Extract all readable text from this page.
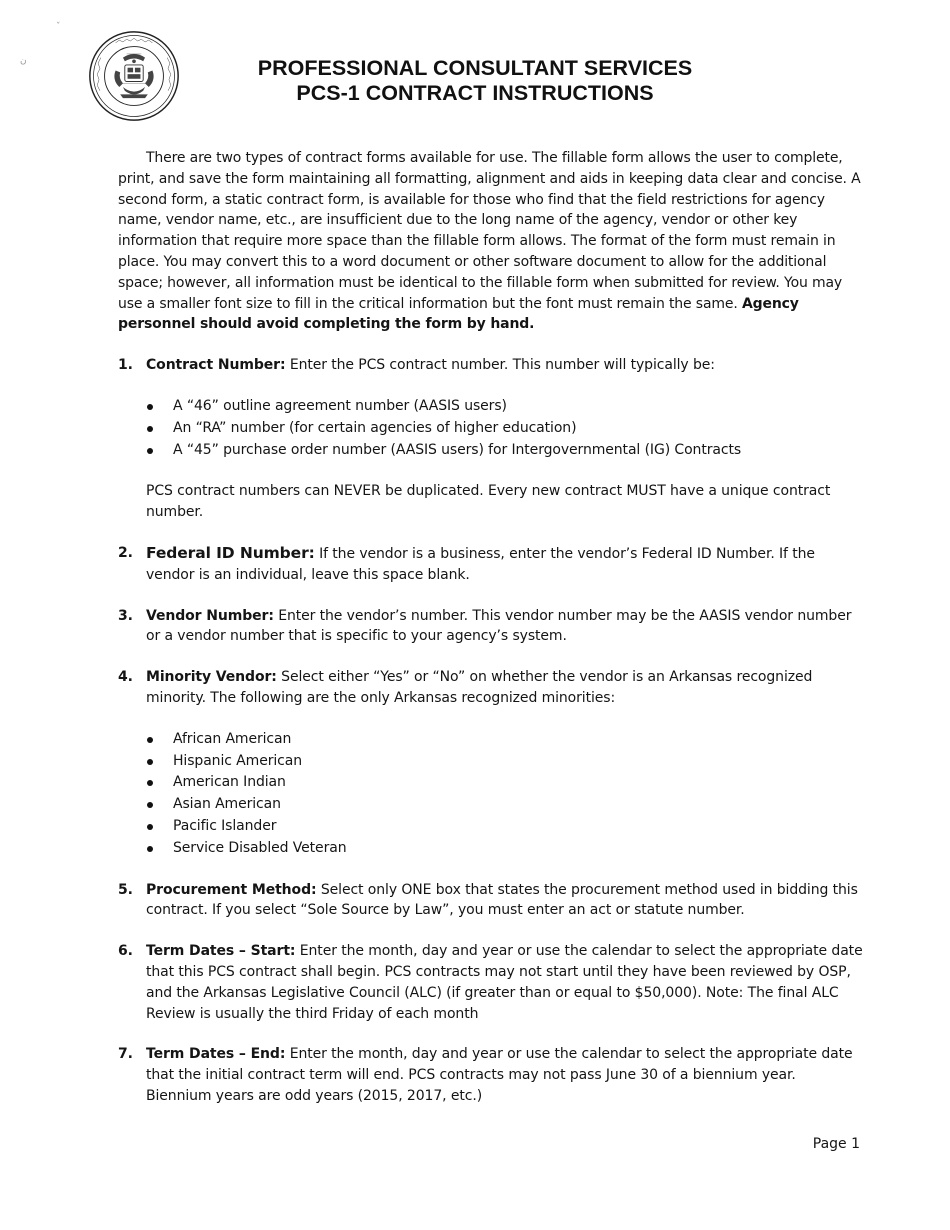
ˇ
ن	PROFESSIONAL CONSULTANT SERVICES
PCS-1 CONTRACT INSTRUCTIONS

There are two types of contract forms available for use. The fillable form allows the user to complete, print, and save the form maintaining all formatting, alignment and aids in keeping data clear and concise. A second form, a static contract form, is available for those who find that the field restrictions for agency name, vendor name, etc., are insufficient due to the long name of the agency, vendor or other key information that require more space than the fillable form allows. The format of the form must remain in place. You may convert this to a word document or other software document to allow for the additional space; however, all information must be identical to the fillable form when submitted for review. You may use a smaller font size to fill in the critical information but the font must remain the same. Agency personnel should avoid completing the form by hand.

1. Contract Number: Enter the PCS contract number. This number will typically be:

A “46” outline agreement number (AASIS users)
An “RA” number (for certain agencies of higher education)
A “45” purchase order number (AASIS users) for Intergovernmental (IG) Contracts

PCS contract numbers can NEVER be duplicated. Every new contract MUST have a unique contract number.

2. Federal ID Number: If the vendor is a business, enter the vendor’s Federal ID Number. If the vendor is an individual, leave this space blank.

3. Vendor Number: Enter the vendor’s number. This vendor number may be the AASIS vendor number or a vendor number that is specific to your agency’s system.

4. Minority Vendor: Select either “Yes” or “No” on whether the vendor is an Arkansas recognized minority. The following are the only Arkansas recognized minorities:

African American
Hispanic American
American Indian
Asian American
Pacific Islander
Service Disabled Veteran
5. Procurement Method: Select only ONE box that states the procurement method used in bidding this contract. If you select “Sole Source by Law”, you must enter an act or statute number.

6. Term Dates – Start: Enter the month, day and year or use the calendar to select the appropriate date that this PCS contract shall begin. PCS contracts may not start until they have been reviewed by OSP, and the Arkansas Legislative Council (ALC) (if greater than or equal to $50,000). Note: The final ALC Review is usually the third Friday of each month

7. Term Dates – End: Enter the month, day and year or use the calendar to select the appropriate date that the initial contract term will end. PCS contracts may not pass June 30 of a biennium year. Biennium years are odd years (2015, 2017, etc.)

Page 1
